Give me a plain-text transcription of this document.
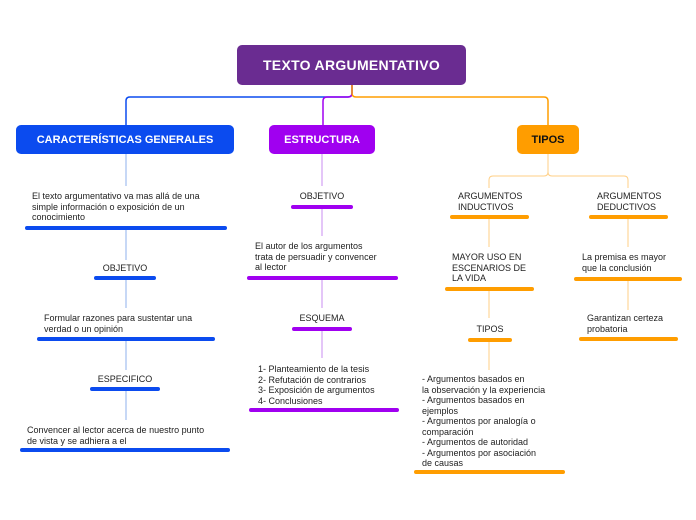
TEXTO ARGUMENTATIVO
CARACTERÍSTICAS GENERALES	ESTRUCTURA	TIPOS
El texto argumentativo va mas allá de una
simple información o exposición de un
conocimiento
OBJETIVO
Formular razones para sustentar una
verdad o un opinión
ESPECIFICO
Convencer al lector acerca de nuestro punto
de vista y se adhiera a el
OBJETIVO
El autor de los argumentos
trata de persuadir y convencer
al lector
ESQUEMA
1- Planteamiento de la tesis
2- Refutación de contrarios
3- Exposición de argumentos
4- Conclusiones
ARGUMENTOS
INDUCTIVOS
MAYOR USO EN
ESCENARIOS DE
LA VIDA
TIPOS
- Argumentos basados en
la observación y la experiencia
- Argumentos basados en
ejemplos
- Argumentos por analogía o
comparación
- Argumentos de autoridad
- Argumentos por asociación
de causas
ARGUMENTOS
DEDUCTIVOS
La premisa es mayor
que la conclusión
Garantizan certeza
probatoria
